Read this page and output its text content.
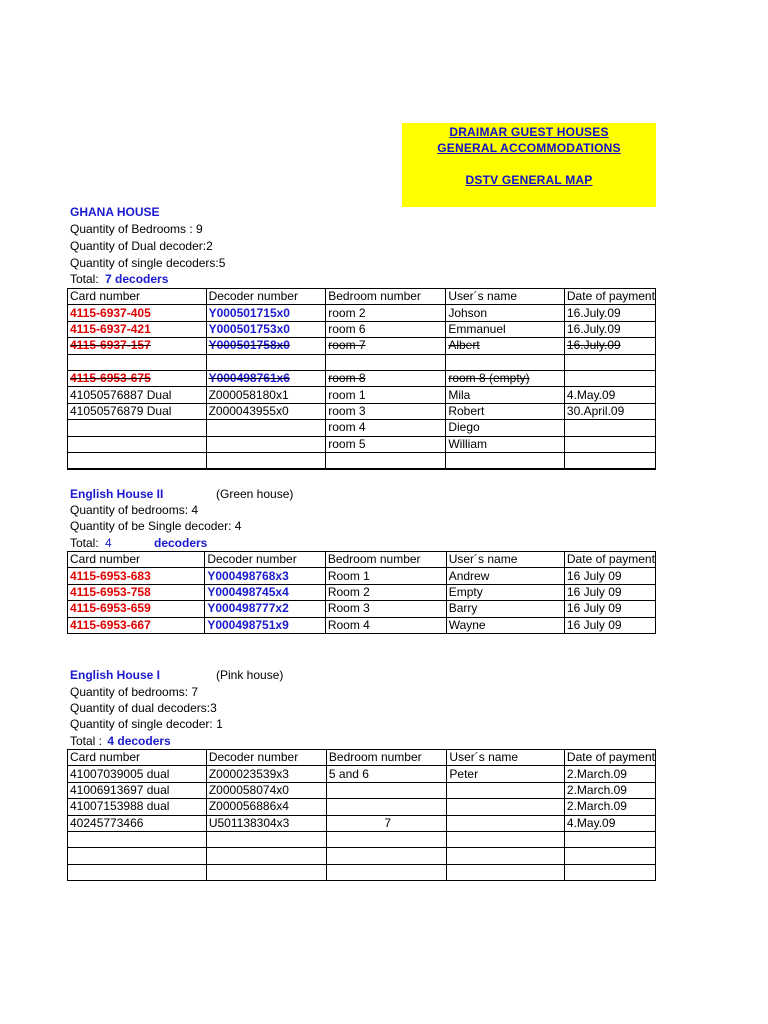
DRAIMAR GUEST HOUSES
GENERAL ACCOMMODATIONS
DSTV GENERAL MAP
GHANA HOUSE
Quantity of Bedrooms : 9
Quantity of Dual decoder:2
Quantity of single decoders:5
Total: 7 decoders
Card number	Decoder number	Bedroom number	User´s name	Date of payment
4115-6937-405	Y000501715x0	room 2	Johson	16.July.09
4115-6937-421	Y000501753x0	room 6	Emmanuel	16.July.09
4115-6937-157	Y000501758x0	room 7	Albert	16.July.09

4115-6953-675	Y000498761x6	room 8	room 8 (empty)	
41050576887 Dual	Z000058180x1	room 1	Mila	4.May.09
41050576879 Dual	Z000043955x0	room 3	Robert	30.April.09
		room 4	Diego	
		room 5	William	

English House II	(Green house)
Quantity of bedrooms: 4
Quantity of be Single decoder: 4
Total: 4	decoders
Card number	Decoder number	Bedroom number	User´s name	Date of payment
4115-6953-683	Y000498768x3	Room 1	Andrew	16 July 09
4115-6953-758	Y000498745x4	Room 2	Empty	16 July 09
4115-6953-659	Y000498777x2	Room 3	Barry	16 July 09
4115-6953-667	Y000498751x9	Room 4	Wayne	16 July 09
English House I	(Pink house)
Quantity of bedrooms: 7
Quantity of dual decoders:3
Quantity of single decoder: 1
Total : 4 decoders
Card number	Decoder number	Bedroom number	User´s name	Date of payment
41007039005 dual	Z000023539x3	5 and 6	Peter	2.March.09
41006913697 dual	Z000058074x0			2.March.09
41007153988 dual	Z000056886x4			2.March.09
40245773466	U501138304x3	7		4.May.09
